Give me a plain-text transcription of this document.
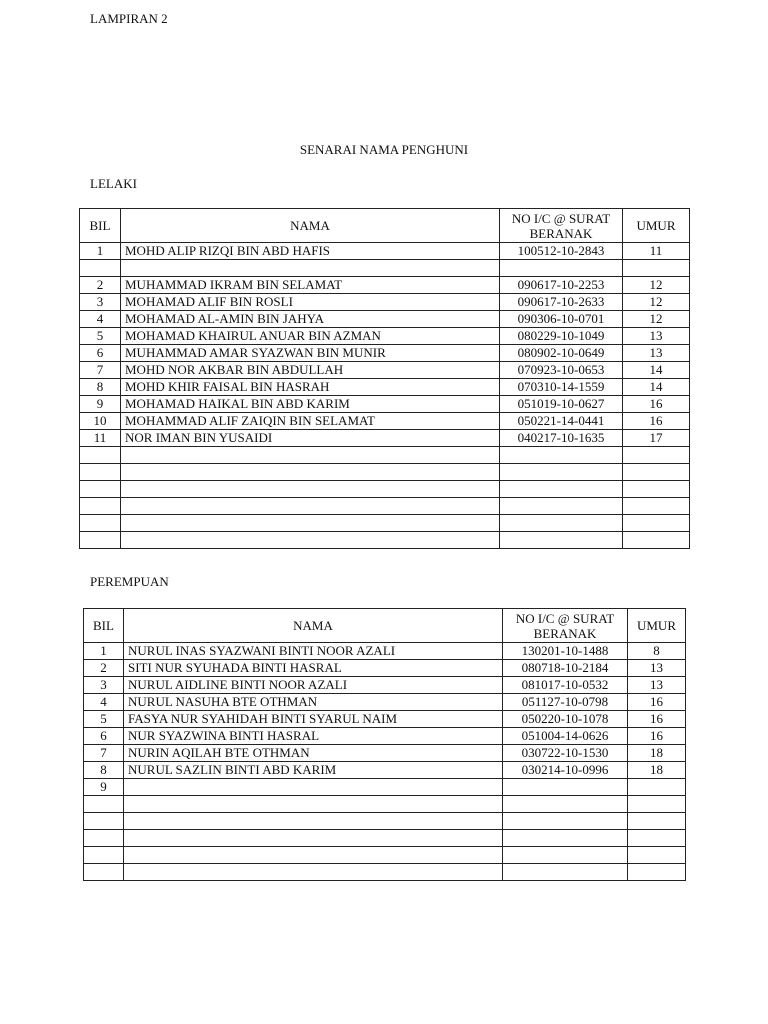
LAMPIRAN 2
SENARAI NAMA PENGHUNI
LELAKI
BIL	NAMA	NO I/C @ SURAT BERANAK	UMUR
1	MOHD ALIP RIZQI BIN ABD HAFIS	100512-10-2843	11

2	MUHAMMAD IKRAM BIN SELAMAT	090617-10-2253	12
3	MOHAMAD ALIF BIN ROSLI	090617-10-2633	12
4	MOHAMAD AL-AMIN BIN JAHYA	090306-10-0701	12
5	MOHAMAD KHAIRUL ANUAR BIN AZMAN	080229-10-1049	13
6	MUHAMMAD AMAR SYAZWAN BIN MUNIR	080902-10-0649	13
7	MOHD NOR AKBAR BIN ABDULLAH	070923-10-0653	14
8	MOHD KHIR FAISAL BIN HASRAH	070310-14-1559	14
9	MOHAMAD HAIKAL BIN ABD KARIM	051019-10-0627	16
10	MOHAMMAD ALIF ZAIQIN BIN SELAMAT	050221-14-0441	16
11	NOR IMAN BIN YUSAIDI	040217-10-1635	17

PEREMPUAN
BIL	NAMA	NO I/C @ SURAT BERANAK	UMUR
1	NURUL INAS SYAZWANI BINTI NOOR AZALI	130201-10-1488	8
2	SITI NUR SYUHADA BINTI HASRAL	080718-10-2184	13
3	NURUL AIDLINE BINTI NOOR AZALI	081017-10-0532	13
4	NURUL NASUHA BTE OTHMAN	051127-10-0798	16
5	FASYA NUR SYAHIDAH BINTI SYARUL NAIM	050220-10-1078	16
6	NUR SYAZWINA BINTI HASRAL	051004-14-0626	16
7	NURIN AQILAH BTE OTHMAN	030722-10-1530	18
8	NURUL SAZLIN BINTI ABD KARIM	030214-10-0996	18
9			
